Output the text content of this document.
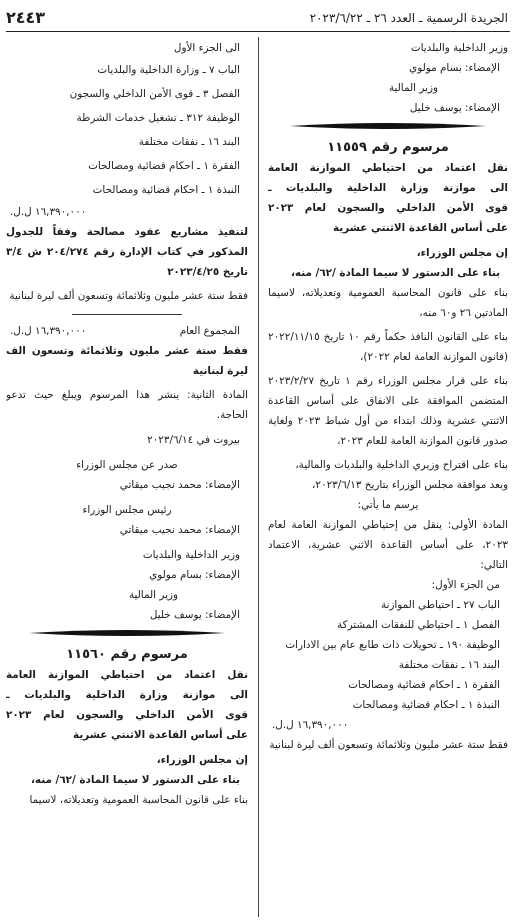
الجريدة الرسمية ـ العدد ٢٦ ـ ٢٠٢٣/٦/٢٢
٢٤٤٣
وزير الداخلية والبلديات
الإمضاء: بسام مولوي
وزير المالية
الإمضاء: يوسف خليل
مرسوم رقم ١١٥٥٩
نقل اعتماد من احتياطي الموازنة العامة
الى موازنة وزارة الداخلية والبلديات ـ
قوى الأمن الداخلي والسجون لعام ٢٠٢٣
على أساس القاعدة الاثنتي عشرية
إن مجلس الوزراء،
بناء على الدستور لا سيما المادة /٦٢/ منه،
بناء على قانون المحاسبة العمومية وتعديلاته، لاسيما المادتين ٢٦ و٦٠ منه،
بناء على القانون النافذ حكماً رقم ١٠ تاريخ ٢٠٢٢/١١/١٥ (قانون الموازنة العامة لعام ٢٠٢٢)،
بناء على قرار مجلس الوزراء رقم ١ تاريخ ٢٠٢٣/٢/٢٧ المتضمن الموافقة على الانفاق على أساس القاعدة الاثنتي عشرية وذلك ابتداء من أول شباط ٢٠٢٣ ولغاية صدور قانون الموازنة العامة للعام ٢٠٢٣،
بناء على اقتراح وزيري الداخلية والبلديات والمالية،
وبعد موافقة مجلس الوزراء بتاريخ ٢٠٢٣/٦/١٣،
يرسم ما يأتي:
المادة الأولى: ينقل من إحتياطي الموازنة العامة لعام ٢٠٢٣، على أساس القاعدة الاثني عشرية، الاعتماد التالي:
من الجزء الأول:
الباب ٢٧ ـ احتياطي الموازنة
الفصل ١ ـ احتياطي للنفقات المشتركة
الوظيفة ١٩٠ ـ تحويلات ذات طابع عام بين الادارات
البند ١٦ ـ نفقات مختلفة
الفقرة ١ ـ احكام قضائية ومصالحات
النبذة ١ ـ احكام قضائية ومصالحات
١٦,٣٩٠,٠٠٠ ل.ل.
فقط ستة عشر مليون وثلاثمائة وتسعون ألف ليرة لبنانية
الى الجزء الأول
الباب ٧ ـ وزارة الداخلية والبلديات
الفصل ٣ ـ قوى الأمن الداخلي والسجون
الوظيفة ٣١٢ ـ تشغيل خدمات الشرطة
البند ١٦ ـ نفقات مختلفة
الفقرة ١ ـ احكام قضائية ومصالحات
النبذة ١ ـ احكام قضائية ومصالحات
١٦,٣٩٠,٠٠٠ ل.ل.
لتنفيذ مشاريع عقود مصالحة وفقاً للجدول المذكور في كتاب الإدارة رقم ٢٠٤/٢٧٤ ش ٣/٤ تاريخ ٢٠٢٣/٤/٢٥
فقط ستة عشر مليون وثلاثمائة وتسعون ألف ليرة لبنانية
المجموع العام
١٦,٣٩٠,٠٠٠ ل.ل.
فقط ستة عشر مليون وثلاثمائة وتسعون الف ليرة لبنانية
المادة الثانية: ينشر هذا المرسوم ويبلغ حيث تدعو الحاجة.
بيروت في ٢٠٢٣/٦/١٤
صدر عن مجلس الوزراء
الإمضاء: محمد نجيب ميقاتي
رئيس مجلس الوزراء
الإمضاء: محمد نجيب ميقاتي
وزير الداخلية والبلديات
الإمضاء: بسام مولوي
وزير المالية
الإمضاء: يوسف خليل
مرسوم رقم ١١٥٦٠
نقل اعتماد من احتياطي الموازنة العامة
الى موازنة وزارة الداخلية والبلديات ـ
قوى الأمن الداخلي والسجون لعام ٢٠٢٣
على أساس القاعدة الاثنتي عشرية
إن مجلس الوزراء،
بناء على الدستور لا سيما المادة /٦٢/ منه،
بناء على قانون المحاسبة العمومية وتعديلاته، لاسيما
